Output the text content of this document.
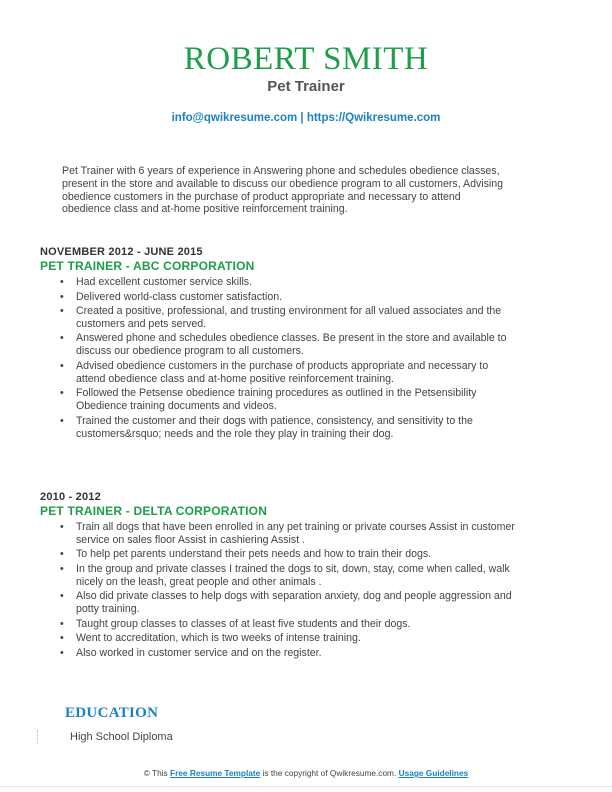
ROBERT SMITH
Pet Trainer
info@qwikresume.com | https://Qwikresume.com
Pet Trainer with 6 years of experience in Answering phone and schedules obedience classes, present in the store and available to discuss our obedience program to all customers, Advising obedience customers in the purchase of product appropriate and necessary to attend obedience class and at-home positive reinforcement training.
NOVEMBER 2012 - JUNE 2015
PET TRAINER - ABC CORPORATION
• Had excellent customer service skills.
• Delivered world-class customer satisfaction.
• Created a positive, professional, and trusting environment for all valued associates and the customers and pets served.
• Answered phone and schedules obedience classes. Be present in the store and available to discuss our obedience program to all customers.
• Advised obedience customers in the purchase of products appropriate and necessary to attend obedience class and at-home positive reinforcement training.
• Followed the Petsense obedience training procedures as outlined in the Petsensibility Obedience training documents and videos.
• Trained the customer and their dogs with patience, consistency, and sensitivity to the customers&rsquo; needs and the role they play in training their dog.
2010 - 2012
PET TRAINER - DELTA CORPORATION
• Train all dogs that have been enrolled in any pet training or private courses Assist in customer service on sales floor Assist in cashiering Assist .
• To help pet parents understand their pets needs and how to train their dogs.
• In the group and private classes I trained the dogs to sit, down, stay, come when called, walk nicely on the leash, great people and other animals .
• Also did private classes to help dogs with separation anxiety, dog and people aggression and potty training.
• Taught group classes to classes of at least five students and their dogs.
• Went to accreditation, which is two weeks of intense training.
• Also worked in customer service and on the register.
EDUCATION
High School Diploma
© This Free Resume Template is the copyright of Qwikresume.com. Usage Guidelines
